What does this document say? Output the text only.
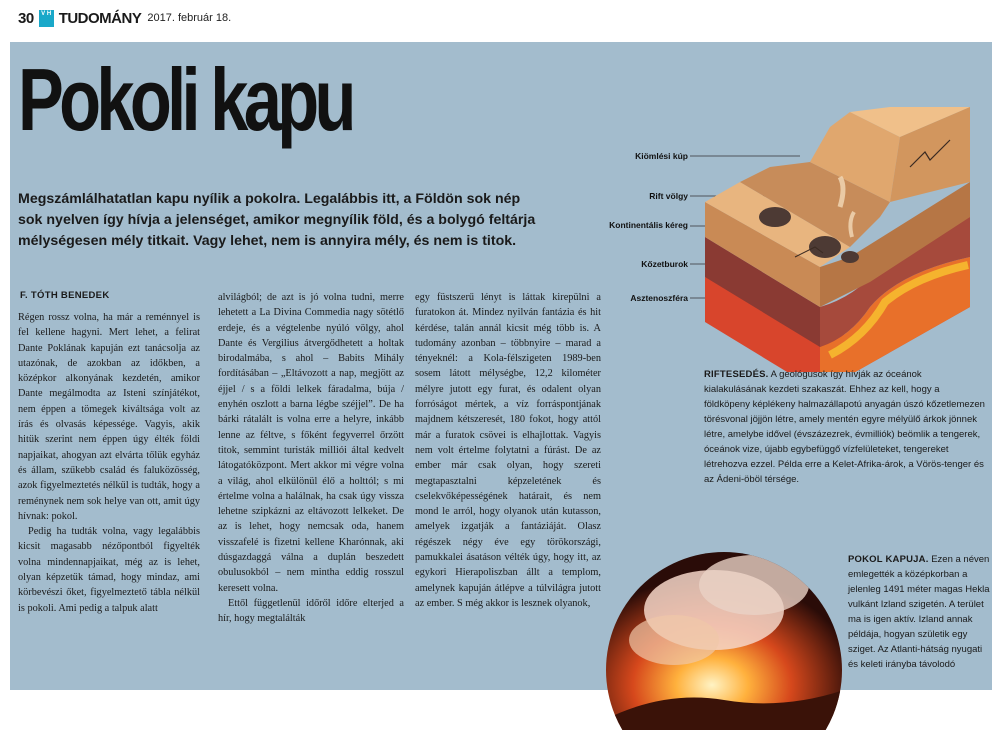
30	V H TUDOMÁNY 2017. február 18.
Pokoli kapu
Megszámlálhatatlan kapu nyílik a pokolra. Legalábbis itt, a Földön sok nép sok nyelven így hívja a jelenséget, amikor megnyílik föld, és a bolygó feltárja mélységesen mély titkait. Vagy lehet, nem is annyira mély, és nem is titok.
F. TÓTH BENEDEK

Régen rossz volna, ha már a reménnyel is fel kellene hagyni. Mert lehet, a felirat Dante Poklának kapuján ezt tanácsolja az utazónak, de azokban az időkben, a középkor alkonyának kezdetén, amikor Dante megálmodta az Isteni színjátékot, nem éppen a tömegek kiváltsága volt az írás és olvasás képessége. Vagyis, akik hitük szerint nem éppen úgy élték földi napjaikat, ahogyan azt elvárta tőlük egyház és állam, szűkebb család és faluközösség, azok figyelmeztetés nélkül is tudták, hogy a reménynek nem sok helye van ott, amit úgy hívnak: pokol.

Pedig ha tudták volna, vagy legalábbis kicsit magasabb nézőpontból figyelték volna mindennapjaikat, még az is lehet, olyan képzetük támad, hogy mindaz, ami körbevészi őket, figyelmeztető tábla nélkül is pokoli. Ami pedig a talpuk alatt

alvilágból; de azt is jó volna tudni, merre lehetett a La Divina Commedia nagy sötétlő erdeje, és a végtelenbe nyúló völgy, ahol Dante és Vergilius átvergődhetett a holtak birodalmába, s ahol – Babits Mihály fordításában – „Eltávozott a nap, megjött az éjjel / s a földi lelkek fáradalma, búja / enyhén oszlott a barna légbe széjjel”. De ha bárki rátalált is volna erre a helyre, inkább lenne az féltve, s főként fegyverrel őrzött titok, semmint turisták milliói által kedvelt látogatóközpont. Mert akkor mi végre volna a világ, ahol elkülönül élő a holttól; s mi értelme volna a halálnak, ha csak úgy vissza lehetne szipkázni az eltávozott lelkeket. De az is lehet, hogy nemcsak oda, hanem visszafelé is fizetni kellene Kharónnak, aki dúsgazdaggá válna a duplán beszedett obulusokból – nem mintha eddig rosszul keresett volna.

Ettől függetlenül időről időre elterjed a hír, hogy megtalálták

egy füstszerű lényt is láttak kirepülni a furatokon át. Mindez nyilván fantázia és hit kérdése, talán annál kicsit még több is. A tudomány azonban – többnyire – marad a tényeknél: a Kola-félszigeten 1989-ben sosem látott mélységbe, 12,2 kilométer mélyre jutott egy furat, és odalent olyan forróságot mértek, a víz forráspontjának majdnem kétszeresét, 180 fokot, hogy attól már a furatok csövei is elhajlottak. Vagyis nem volt értelme folytatni a fúrást. De az ember már csak olyan, hogy szereti megtapasztalni képzeletének és cselekvőképességének határait, és nem mond le arról, hogy olyanok után kutasson, amelyek izgatják a fantáziáját. Olasz régészek négy éve egy törökországi, pamukkalei ásatáson vélték úgy, hogy itt, az egykori Hierapoliszban állt a templom, amelynek kapuján átlépve a túlvilágra jutott az ember. S még akkor is lesznek olyanok,

Kiömlési kúp
Rift völgy
Kontinentális kéreg
Kőzetburok
Asztenoszféra
RIFTESEDÉS. A geológusok így hívják az óceánok kialakulásának kezdeti szakaszát. Ehhez az kell, hogy a földköpeny képlékeny halmazállapotú anyagán úszó kőzetlemezen törésvonal jöjjön létre, amely mentén egyre mélyülő árkok jönnek létre, amelybe idővel (évszázezrek, évmilliók) beömlik a tengerek, óceánok vize, újabb egybefüggő vízfelületeket, tengereket létrehozva ezzel. Példa erre a Kelet-Afrika-árok, a Vörös-tenger és az Ádeni-öböl térsége.
POKOL KAPUJA. Ezen a néven emlegették a középkorban a jelenleg 1491 méter magas Hekla vulkánt Izland szigetén. A terület ma is igen aktív. Izland annak példája, hogyan születik egy sziget. Az Atlanti-hátság nyugati és keleti irányba távolodó
